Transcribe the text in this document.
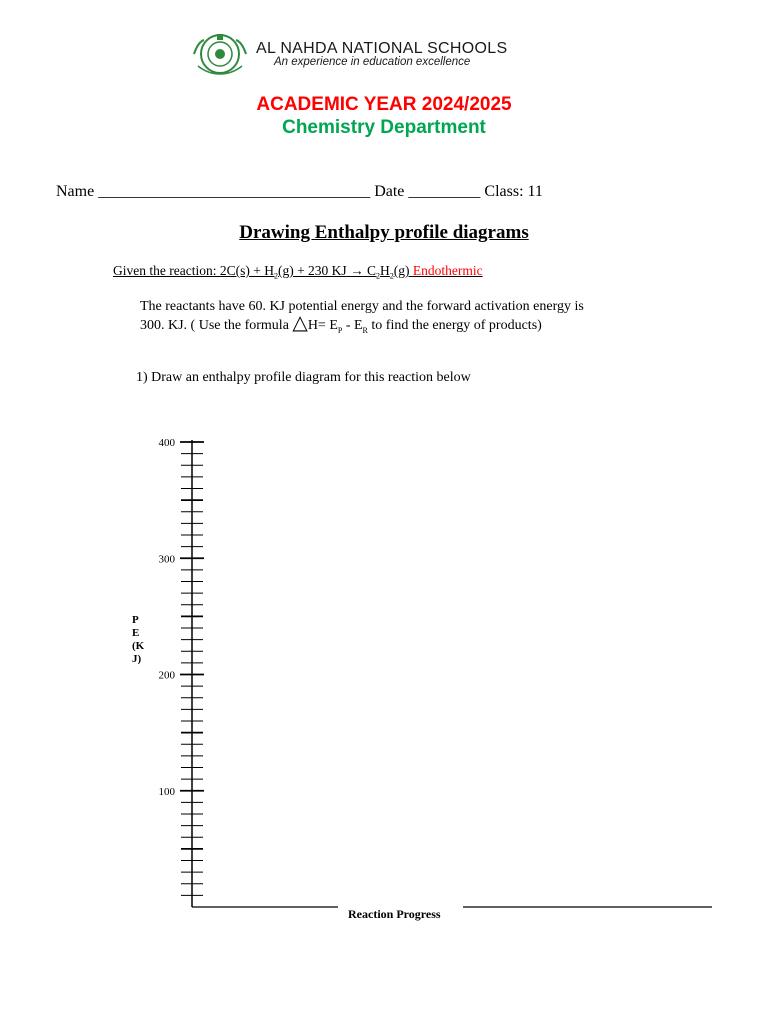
AL NAHDA NATIONAL SCHOOLS
An experience in education excellence
ACADEMIC YEAR 2024/2025
Chemistry Department
Name __________________________________ Date _________ Class: 11
Drawing Enthalpy profile diagrams
Given the reaction: $2C(s) + H_2(g) + 230$ KJ → $C_2H_2(g)$ Endothermic
The reactants have 60. KJ potential energy and the forward activation energy is 300. KJ. ( Use the formula △H= $E_P - E_R$ to find the energy of products)
1) Draw an enthalpy profile diagram for this reaction below
100
200
300
400
P
E
(K
J)
Reaction Progress
